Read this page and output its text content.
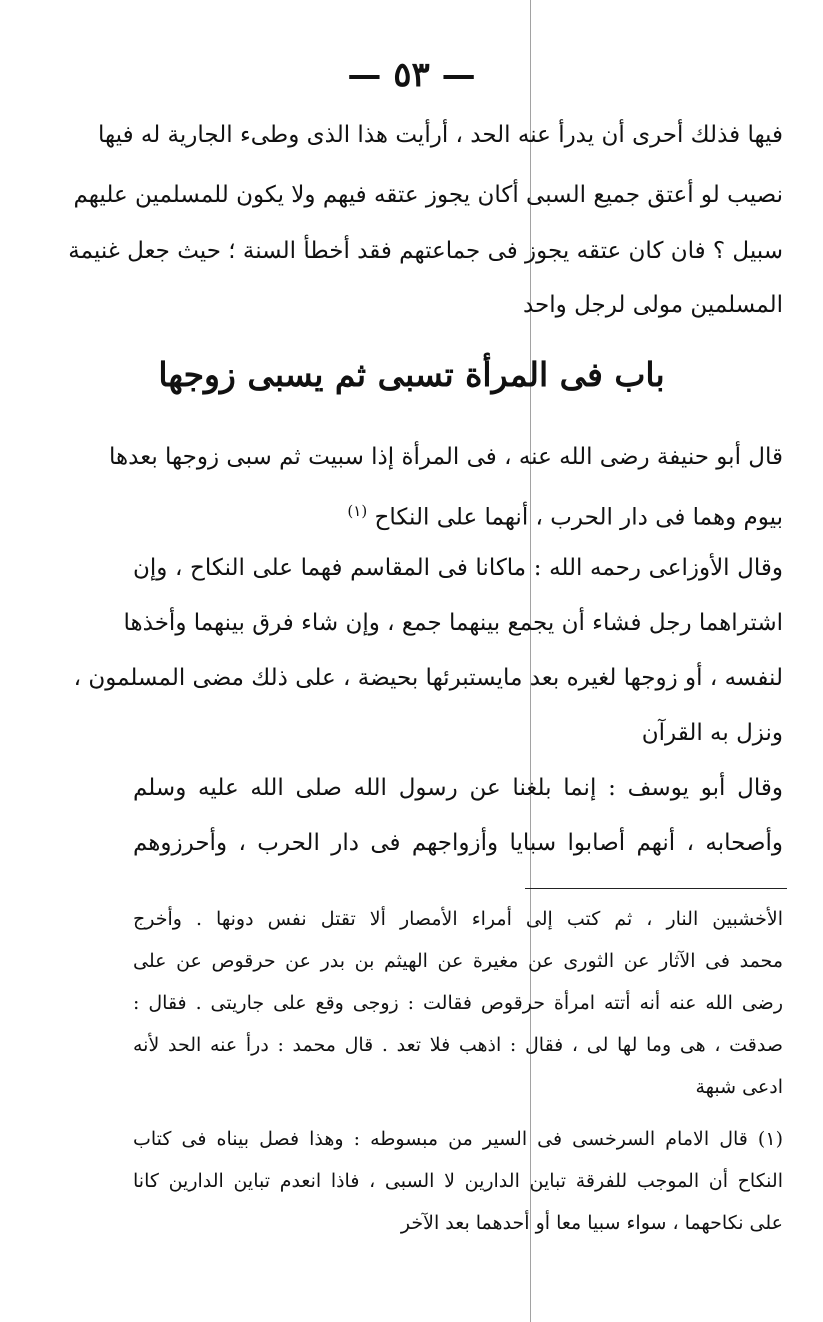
— ٥٣ —
فيها فذلك أحرى أن يدرأ عنه الحد ، أرأيت هذا الذى وطىء الجارية له فيها
نصيب لو أعتق جميع السبى أكان يجوز عتقه فيهم ولا يكون للمسلمين عليهم
سبيل ؟ فان كان عتقه يجوز فى جماعتهم فقد أخطأ السنة ؛ حيث جعل غنيمة
المسلمين مولى لرجل واحد
باب فى المرأة تسبى ثم يسبى زوجها
قال أبو حنيفة رضى الله عنه ، فى المرأة إذا سبيت ثم سبى زوجها بعدها
بيوم وهما فى دار الحرب ، أنهما على النكاح $^{(١)}$
وقال الأوزاعى رحمه الله : ماكانا فى المقاسم فهما على النكاح ، وإن
اشتراهما رجل فشاء أن يجمع بينهما جمع ، وإن شاء فرق بينهما وأخذها
لنفسه ، أو زوجها لغيره بعد مايستبرئها بحيضة ، على ذلك مضى المسلمون ،
ونزل به القرآن
وقال أبو يوسف : إنما بلغنا عن رسول الله صلى الله عليه وسلم
وأصحابه ، أنهم أصابوا سبايا وأزواجهم فى دار الحرب ، وأحرزوهم
الأخشبين النار ، ثم كتب إلى أمراء الأمصار ألا تقتل نفس دونها . وأخرج
محمد فى الآثار عن الثورى عن مغيرة عن الهيثم بن بدر عن حرقوص عن على
رضى الله عنه أنه أتته امرأة حرقوص فقالت : زوجى وقع على جاريتى . فقال :
صدقت ، هى وما لها لى ، فقال : اذهب فلا تعد . قال محمد : درأ عنه الحد لأنه
ادعى شبهة
(١) قال الامام السرخسى فى السير من مبسوطه : وهذا فصل بيناه فى كتاب
النكاح أن الموجب للفرقة تباين الدارين لا السبى ، فاذا انعدم تباين الدارين كانا
على نكاحهما ، سواء سبيا معا أو أحدهما بعد الآخر
